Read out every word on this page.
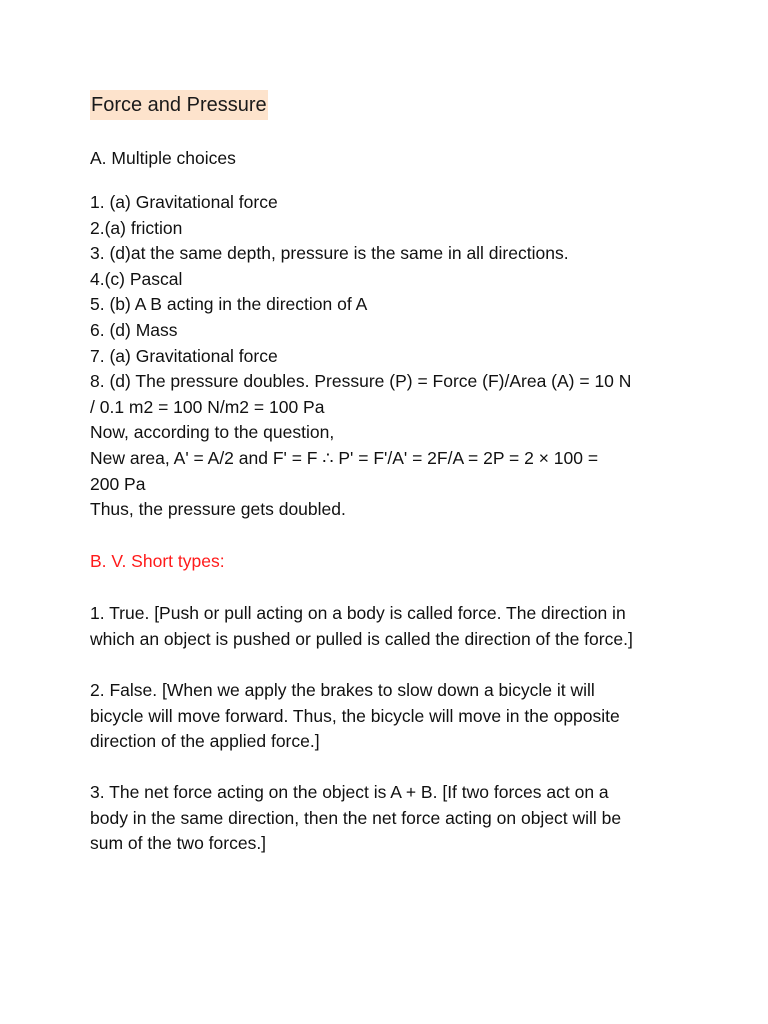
Force and Pressure
A. Multiple choices
1. (a) Gravitational force
2.(a) friction
3. (d)at the same depth, pressure is the same in all directions.
4.(c) Pascal
5. (b) A B acting in the direction of A
6. (d) Mass
7. (a) Gravitational force
8. (d) The pressure doubles. Pressure (P) = Force (F)/Area (A) = 10 N
/ 0.1 m2 = 100 N/m2 = 100 Pa
Now, according to the question,
New area, A' = A/2 and F' = F ∴ P' = F'/A' = 2F/A = 2P = 2 × 100 =
200 Pa
Thus, the pressure gets doubled.
B. V. Short types:
1. True. [Push or pull acting on a body is called force. The direction in
which an object is pushed or pulled is called the direction of the force.]
2. False. [When we apply the brakes to slow down a bicycle it will
bicycle will move forward. Thus, the bicycle will move in the opposite
direction of the applied force.]
3. The net force acting on the object is A + B. [If two forces act on a
body in the same direction, then the net force acting on object will be
sum of the two forces.]
